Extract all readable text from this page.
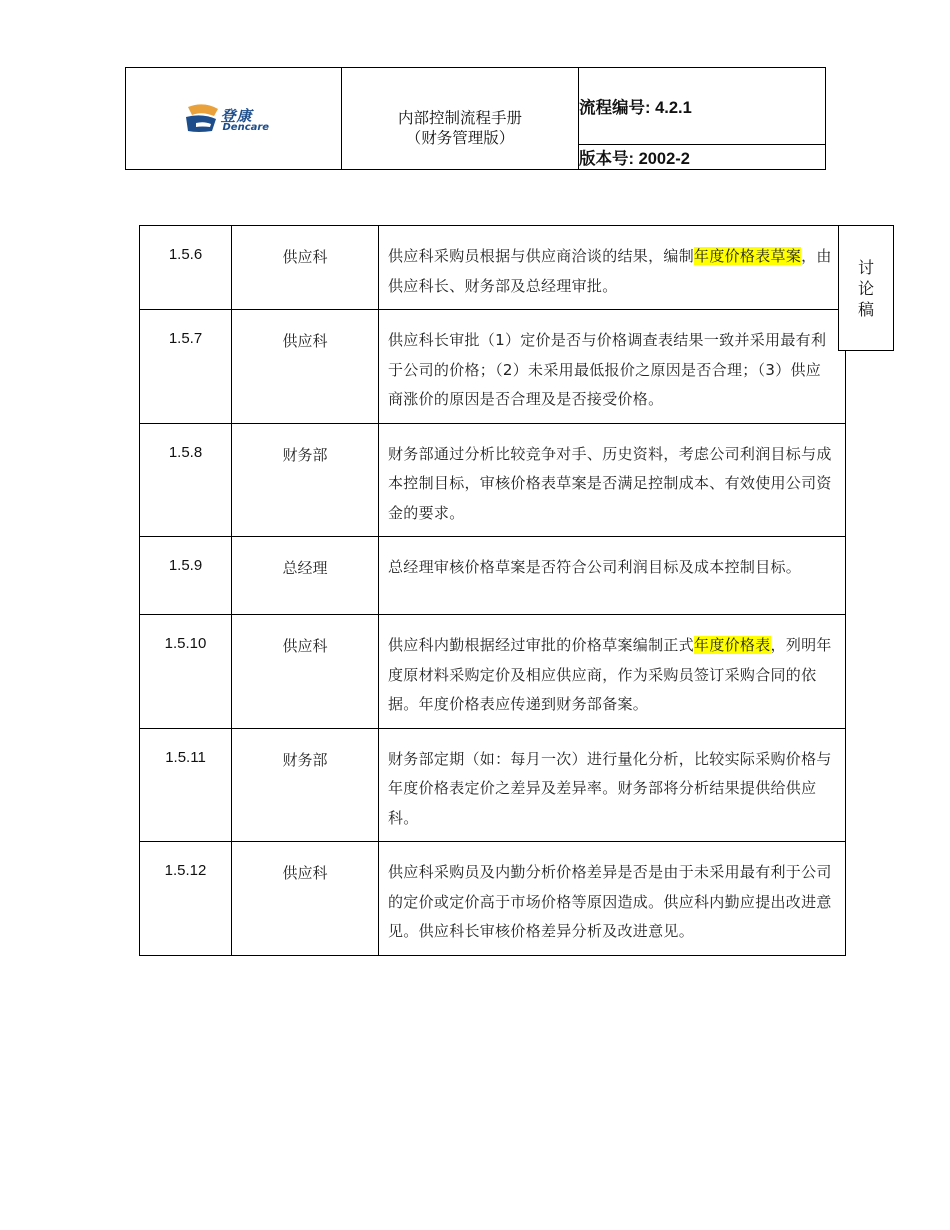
登康
Dencare	内部控制流程手册
（财务管理版）
	流程编号: 4.2.1
版本号: 2002-2
1.5.6	供应科	供应科采购员根据与供应商洽谈的结果，编制年度价格表草案，由供应科长、财务部及总经理审批。
1.5.7	供应科	供应科长审批（1）定价是否与价格调查表结果一致并采用最有利于公司的价格；（2）未采用最低报价之原因是否合理；（3）供应商涨价的原因是否合理及是否接受价格。
1.5.8	财务部	财务部通过分析比较竞争对手、历史资料，考虑公司利润目标与成本控制目标，审核价格表草案是否满足控制成本、有效使用公司资金的要求。
1.5.9	总经理	总经理审核价格草案是否符合公司利润目标及成本控制目标。
1.5.10	供应科	供应科内勤根据经过审批的价格草案编制正式年度价格表，列明年度原材料采购定价及相应供应商，作为采购员签订采购合同的依据。年度价格表应传递到财务部备案。
1.5.11	财务部	财务部定期（如：每月一次）进行量化分析，比较实际采购价格与年度价格表定价之差异及差异率。财务部将分析结果提供给供应科。
1.5.12	供应科	供应科采购员及内勤分析价格差异是否是由于未采用最有利于公司的定价或定价高于市场价格等原因造成。供应科内勤应提出改进意见。供应科长审核价格差异分析及改进意见。
讨
论
稿
